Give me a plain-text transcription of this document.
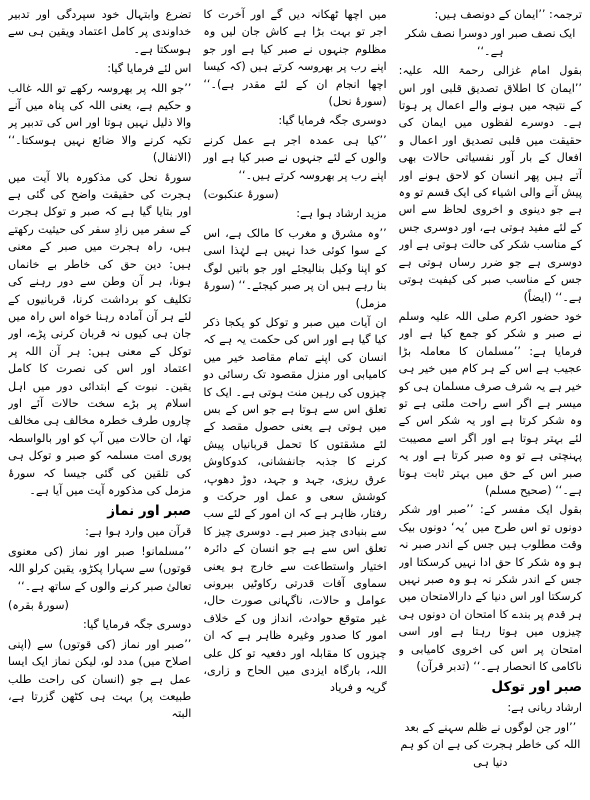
ترجمہ: ’’ایمان کے دونصف ہیں:

ایک نصف صبر اور دوسرا نصف شکر ہے۔‘‘

بقول امام غزالی رحمۃ اللہ علیہ: ’’ایمان کا اطلاق تصدیق قلبی اور اس کے نتیجہ میں ہونے والے اعمال پر ہوتا ہے۔ دوسرے لفظوں میں ایمان کی حقیقت میں قلبی تصدیق اور اعمال و افعال کے بار آور نفسیاتی حالات بھی آتے ہیں پھر انسان کو لاحق ہونے اور پیش آنے والی اشیاء کی ایک قسم تو وہ ہے جو دینوی و اخروی لحاظ سے اس کے لئے مفید ہوتی ہے، اور دوسری جس کے مناسب شکر کی حالت ہوتی ہے اور دوسری ہے جو ضرر رساں ہوتی ہے جس کے مناسب صبر کی کیفیت ہوتی ہے۔‘‘ (ایضاً)

خود حضور اکرم صلی اللہ علیہ وسلم نے صبر و شکر کو جمع کیا ہے اور فرمایا ہے: ’’مسلمان کا معاملہ بڑا عجیب ہے اس کے ہر کام میں خیر ہی خیر ہے یہ شرف صرف مسلمان ہی کو میسر ہے اگر اسے راحت ملتی ہے تو وہ شکر کرتا ہے اور یہ شکر اس کے لئے بہتر ہوتا ہے اور اگر اسے مصیبت پہنچتی ہے تو وہ صبر کرتا ہے اور یہ صبر اس کے حق میں بہتر ثابت ہوتا ہے۔‘‘ (صحیح مسلم)

بقول ایک مفسر کے: ’’صبر اور شکر دونوں تو اس طرح میں ’یہ‘ دونوں بیک وقت مطلوب ہیں جس کے اندر صبر نہ ہو وہ شکر کا حق ادا نہیں کرسکتا اور جس کے اندر شکر نہ ہو وہ صبر نہیں کرسکتا اور اس دنیا کے دارالامتحان میں ہر قدم پر بندے کا امتحان ان دونوں ہی چیزوں میں ہوتا رہتا ہے اور اسی امتحان پر اس کی اخروی کامیابی و ناکامی کا انحصار ہے۔‘‘ (تدبر قرآن)

صبر اور توکل

ارشاد ربانی ہے:

’’اور جن لوگوں نے ظلم سہنے کے بعد اللہ کی خاطر ہجرت کی ہے ان کو ہم دنیا ہی

میں اچھا ٹھکانہ دیں گے اور آخرت کا اجر تو بہت بڑا ہے کاش جان لیں وہ مظلوم جنہوں نے صبر کیا ہے اور جو اپنے رب پر بھروسہ کرتے ہیں (کہ کیسا اچھا انجام ان کے لئے مقدر ہے)۔‘‘ (سورۂ نحل)

دوسری جگہ فرمایا گیا:

’’کیا ہی عمدہ اجر ہے عمل کرنے والوں کے لئے جنہوں نے صبر کیا ہے اور اپنے رب پر بھروسہ کرتے ہیں۔‘‘

(سورۂ عنکبوت)

مزید ارشاد ہوا ہے:

’’وہ مشرق و مغرب کا مالک ہے، اس کے سوا کوئی خدا نہیں ہے لہٰذا اسی کو اپنا وکیل بنالیجئے اور جو باتیں لوگ بنا رہے ہیں ان پر صبر کیجئے۔‘‘ (سورۂ مزمل)

ان آیات میں صبر و توکل کو یکجا ذکر کیا گیا ہے اور اس کی حکمت یہ ہے کہ انسان کی اپنے تمام مقاصد خیر میں کامیابی اور منزل مقصود تک رسائی دو چیزوں کی رہین منت ہوتی ہے۔ ایک کا تعلق اس سے ہوتا ہے جو اس کے بس میں ہوتی ہے یعنی حصول مقصد کے لئے مشقتوں کا تحمل قربانیاں پیش کرنے کا جذبہ جانفشانی، کدوکاوش عرق ریزی، جہد و جہد، دوڑ دھوپ، کوشش سعی و عمل اور حرکت و رفتار، ظاہر ہے کہ ان امور کے لئے سب سے بنیادی چیز صبر ہے۔ دوسری چیز کا تعلق اس سے ہے جو انسان کے دائرہ اختیار واستطاعت سے خارج ہو یعنی سماوی آفات قدرتی رکاوٹیں بیرونی عوامل و حالات، ناگہانی صورت حال، غیر متوقع حوادث، انداز وں کے خلاف امور کا صدور وغیرہ ظاہر ہے کہ ان چیزوں کا مقابلہ اور دفعیہ تو کل علی اللہ، بارگاہ ایزدی میں الحاح و زاری، گریہ و فریاد

تضرع وابتہال خود سپردگی اور تدبیر خداوندی پر کامل اعتماد ویقین ہی سے ہوسکتا ہے۔

اس لئے فرمایا گیا:

’’جو اللہ پر بھروسہ رکھے تو اللہ غالب و حکیم ہے، یعنی اللہ کی پناہ میں آنے والا ذلیل نہیں ہوتا اور اس کی تدبیر پر تکیہ کرنے والا ضائع نہیں ہوسکتا۔‘‘ (الانفال)

سورۂ نحل کی مذکورہ بالا آیت میں ہجرت کی حقیقت واضح کی گئی ہے اور بتایا گیا ہے کہ صبر و توکل ہجرت کے سفر میں زادِ سفر کی حیثیت رکھتے ہیں، راہ ہجرت میں صبر کے معنی ہیں: دین حق کی خاطر بے خانماں ہونا، ہر آن وطن سے دور رہنے کی تکلیف کو برداشت کرنا، قربانیوں کے لئے ہر آن آمادہ رہنا خواہ اس راہ میں جان ہی کیوں نہ قربان کرنی پڑے، اور توکل کے معنی ہیں: ہر آن اللہ پر اعتماد اور اس کی نصرت کا کامل یقین۔ نبوت کے ابتدائی دور میں اہل اسلام پر بڑے سخت حالات آئے اور چاروں طرف خطرہ مخالف ہی مخالف تھا، ان حالات میں آپ کو اور بالواسطہ پوری امت مسلمہ کو صبر و توکل ہی کی تلقین کی گئی جیسا کہ سورۂ مزمل کی مذکورہ آیت میں آیا ہے۔

صبر اور نماز

قرآن میں وارد ہوا ہے:

’’مسلمانو! صبر اور نماز (کی معنوی قوتوں) سے سہارا پکڑو، یقین کرلو اللہ تعالیٰ صبر کرنے والوں کے ساتھ ہے۔‘‘

(سورۂ بقرہ)

دوسری جگہ فرمایا گیا:

’’صبر اور نماز (کی قوتوں) سے (اپنی اصلاح میں) مدد لو، لیکن نماز ایک ایسا عمل ہے جو (انسان کی راحت طلب طبیعت پر) بہت ہی کٹھن گزرتا ہے، البتہ
